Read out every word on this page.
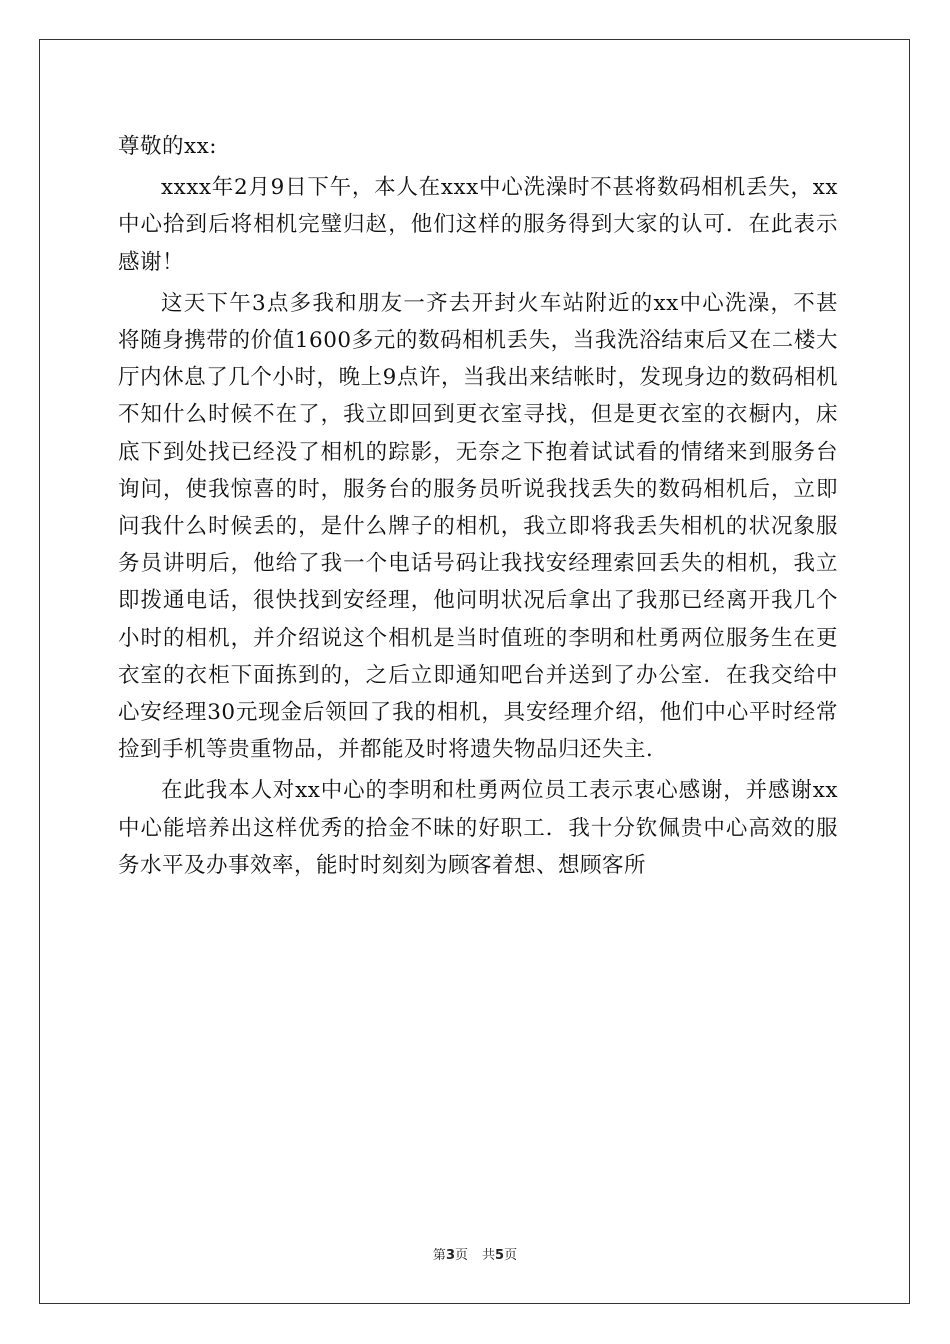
尊敬的xx:

xxxx年2月9日下午，本人在xxx中心洗澡时不甚将数码相机丢失，xx中心拾到后将相机完璧归赵，他们这样的服务得到大家的认可．在此表示感谢！

这天下午3点多我和朋友一齐去开封火车站附近的xx中心洗澡，不甚将随身携带的价值1600多元的数码相机丢失，当我洗浴结束后又在二楼大厅内休息了几个小时，晚上9点许，当我出来结帐时，发现身边的数码相机不知什么时候不在了，我立即回到更衣室寻找，但是更衣室的衣橱内，床底下到处找已经没了相机的踪影，无奈之下抱着试试看的情绪来到服务台询问，使我惊喜的时，服务台的服务员听说我找丢失的数码相机后，立即问我什么时候丢的，是什么牌子的相机，我立即将我丢失相机的状况象服务员讲明后，他给了我一个电话号码让我找安经理索回丢失的相机，我立即拨通电话，很快找到安经理，他问明状况后拿出了我那已经离开我几个小时的相机，并介绍说这个相机是当时值班的李明和杜勇两位服务生在更衣室的衣柜下面拣到的，之后立即通知吧台并送到了办公室．在我交给中心安经理30元现金后领回了我的相机，具安经理介绍，他们中心平时经常捡到手机等贵重物品，并都能及时将遗失物品归还失主．

在此我本人对xx中心的李明和杜勇两位员工表示衷心感谢，并感谢xx中心能培养出这样优秀的拾金不昧的好职工．我十分钦佩贵中心高效的服务水平及办事效率，能时时刻刻为顾客着想、想顾客所

第3页 共5页
